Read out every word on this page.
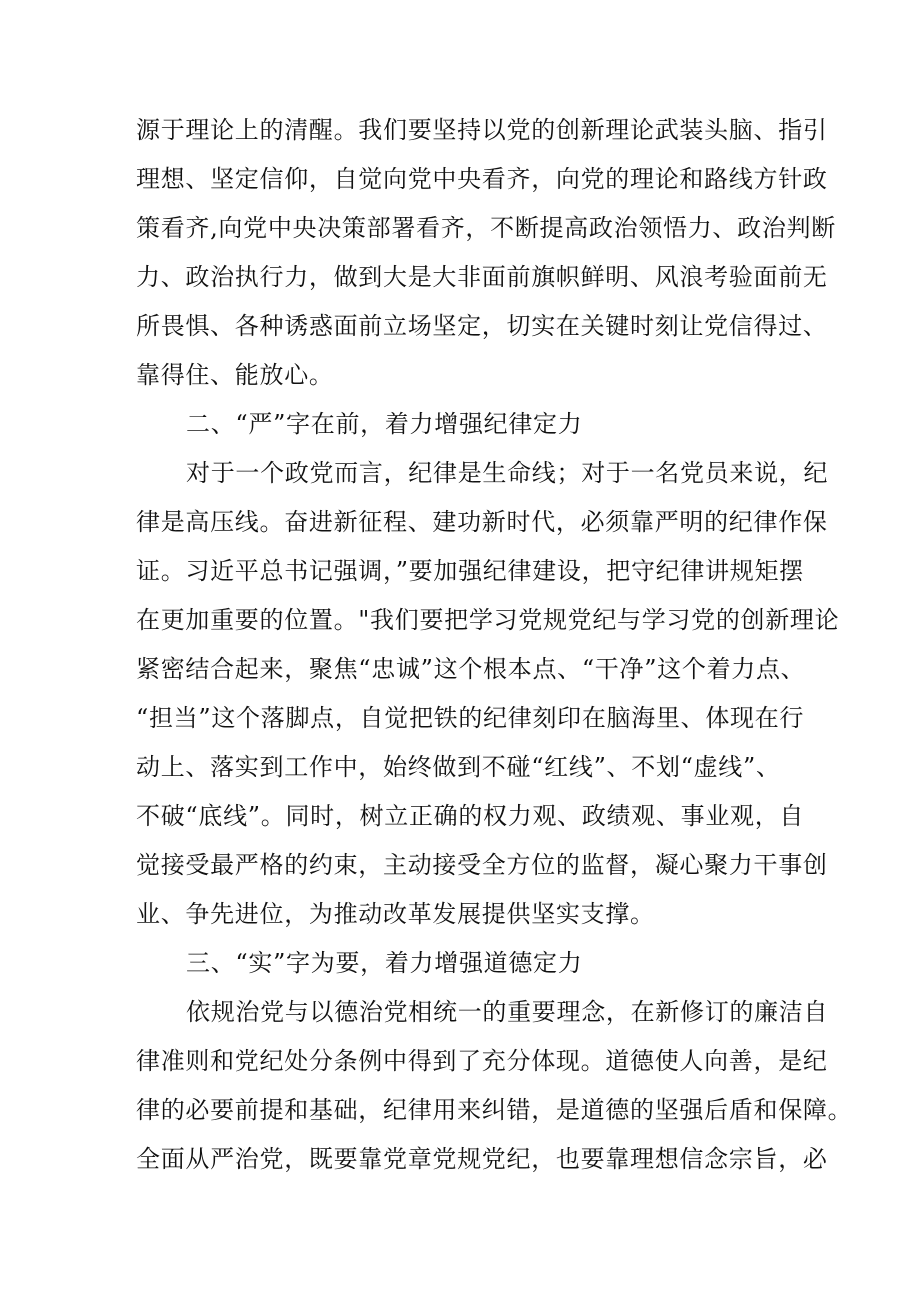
源于理论上的清醒。我们要坚持以党的创新理论武装头脑、指引
理想、坚定信仰，自觉向党中央看齐，向党的理论和路线方针政
策看齐,向党中央决策部署看齐，不断提高政治领悟力、政治判断
力、政治执行力，做到大是大非面前旗帜鲜明、风浪考验面前无
所畏惧、各种诱惑面前立场坚定，切实在关键时刻让党信得过、
靠得住、能放心。
二、“严”字在前，着力增强纪律定力
对于一个政党而言，纪律是生命线；对于一名党员来说，纪
律是高压线。奋进新征程、建功新时代，必须靠严明的纪律作保
证。习近平总书记强调，”要加强纪律建设，把守纪律讲规矩摆
在更加重要的位置。"我们要把学习党规党纪与学习党的创新理论
紧密结合起来，聚焦“忠诚”这个根本点、“干净”这个着力点、
“担当”这个落脚点，自觉把铁的纪律刻印在脑海里、体现在行
动上、落实到工作中，始终做到不碰“红线”、不划“虚线”、
不破“底线”。同时，树立正确的权力观、政绩观、事业观，自
觉接受最严格的约束，主动接受全方位的监督，凝心聚力干事创
业、争先进位，为推动改革发展提供坚实支撑。
三、“实”字为要，着力增强道德定力
依规治党与以德治党相统一的重要理念，在新修订的廉洁自
律准则和党纪处分条例中得到了充分体现。道德使人向善，是纪
律的必要前提和基础，纪律用来纠错，是道德的坚强后盾和保障。
全面从严治党，既要靠党章党规党纪，也要靠理想信念宗旨，必
